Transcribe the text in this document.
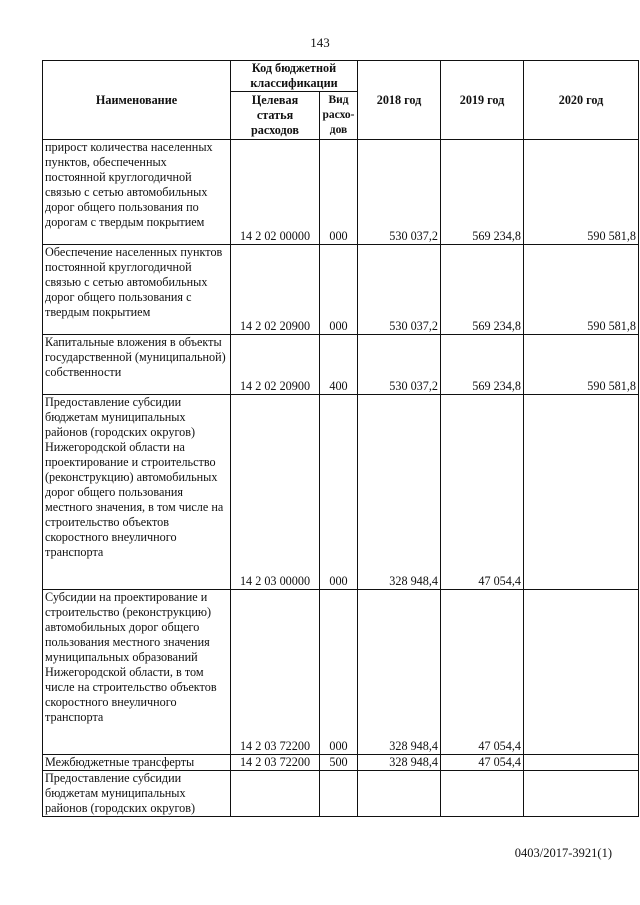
143
Наименование	Код бюджетной классификации		2018 год	2019 год	2020 год
	Целевая статья расходов	Вид расхо-дов			
прирост количества населенных пунктов, обеспеченных постоянной круглогодичной связью с сетью автомобильных дорог общего пользования по дорогам с твердым покрытием	14 2 02 00000	000	530 037,2	569 234,8	590 581,8
Обеспечение населенных пунктов постоянной круглогодичной связью с сетью автомобильных дорог общего пользования с твердым покрытием	14 2 02 20900	000	530 037,2	569 234,8	590 581,8
Капитальные вложения в объекты государственной (муниципальной) собственности	14 2 02 20900	400	530 037,2	569 234,8	590 581,8
Предоставление субсидии бюджетам муниципальных районов (городских округов) Нижегородской области на проектирование и строительство (реконструкцию) автомобильных дорог общего пользования местного значения, в том числе на строительство объектов скоростного внеуличного транспорта	14 2 03 00000	000	328 948,4	47 054,4	
Субсидии на проектирование и строительство (реконструкцию) автомобильных дорог общего пользования местного значения муниципальных образований Нижегородской области, в том числе на строительство объектов скоростного внеуличного транспорта	14 2 03 72200	000	328 948,4	47 054,4	
Межбюджетные трансферты	14 2 03 72200	500	328 948,4	47 054,4	
Предоставление субсидии бюджетам муниципальных районов (городских округов)					
0403/2017-3921(1)
